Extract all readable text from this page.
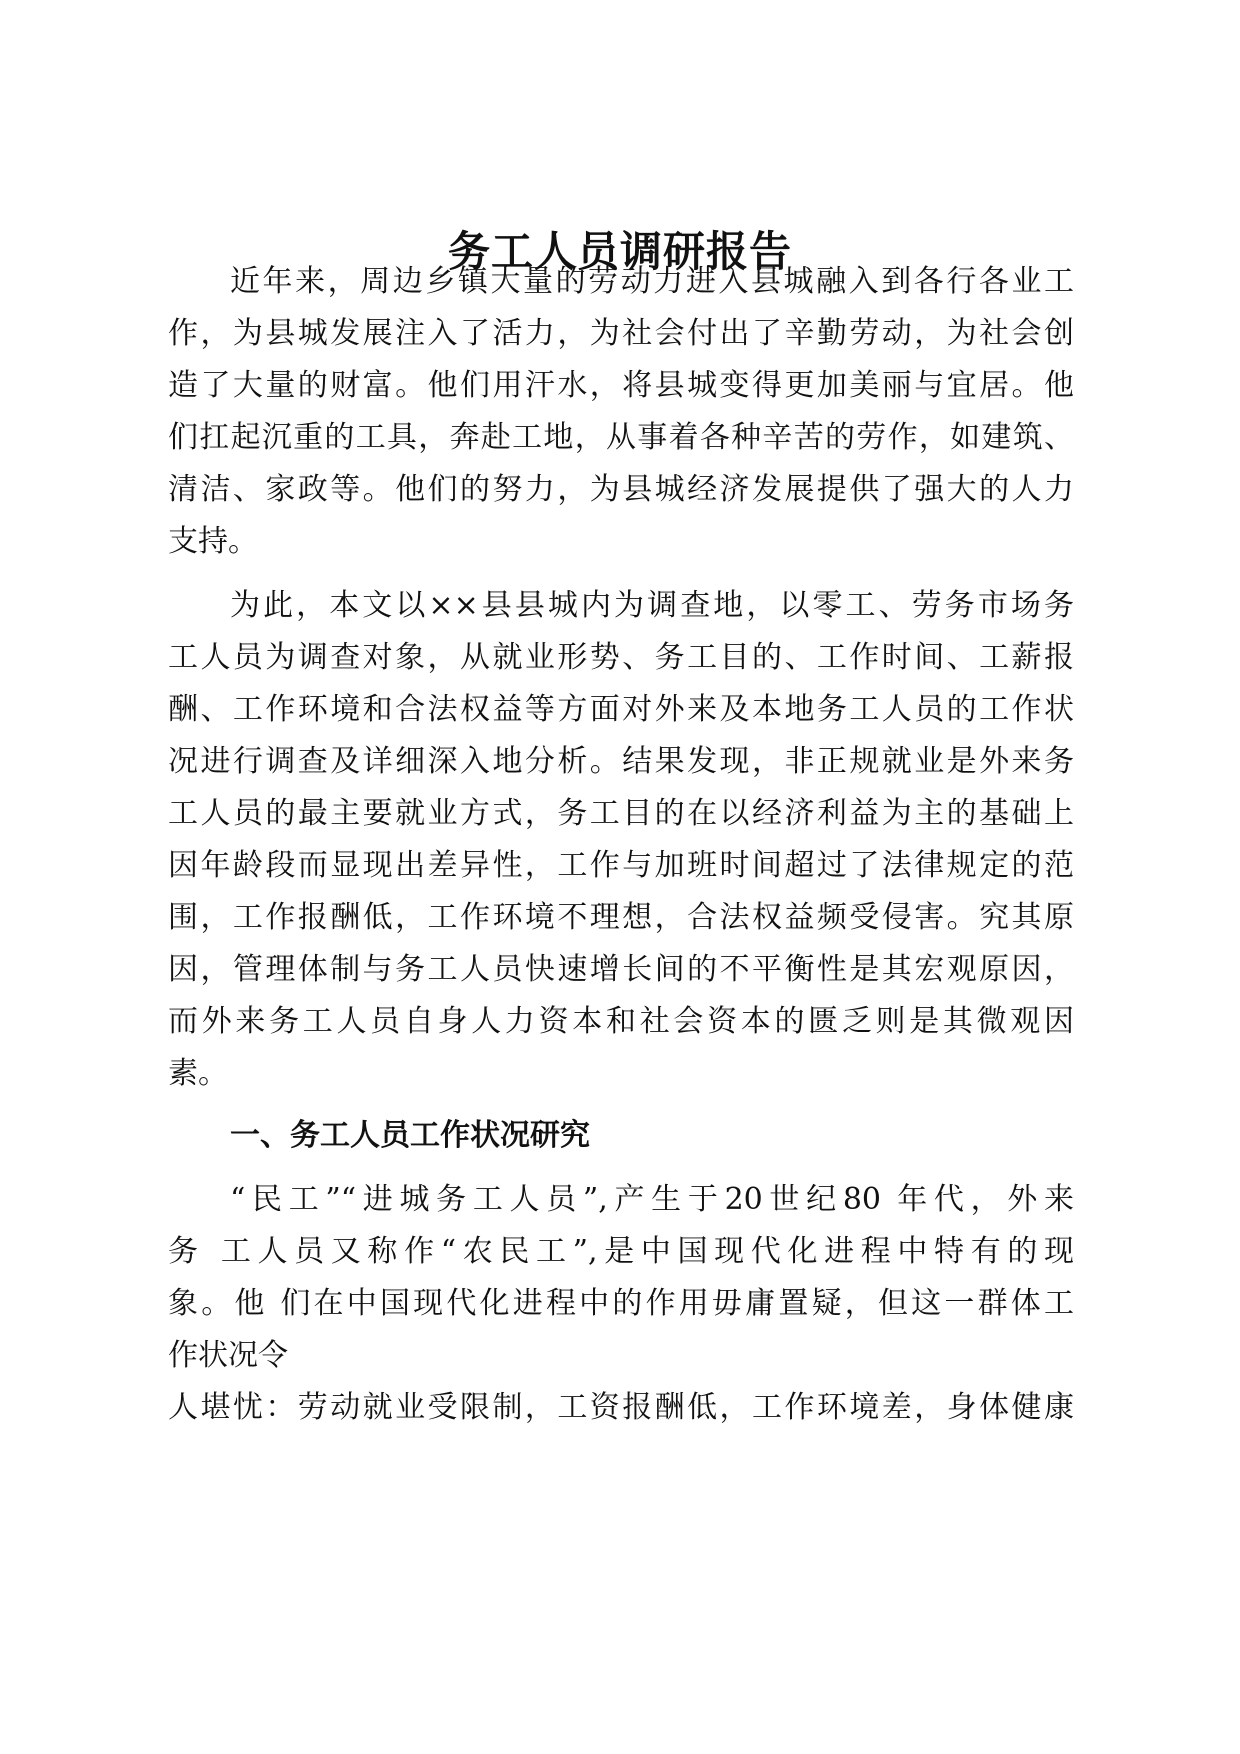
务工人员调研报告
近年来，周边乡镇大量的劳动力进入县城融入到各行各业工
作，为县城发展注入了活力，为社会付出了辛勤劳动，为社会创
造了大量的财富。他们用汗水，将县城变得更加美丽与宜居。他
们扛起沉重的工具，奔赴工地，从事着各种辛苦的劳作，如建筑、
清洁、家政等。他们的努力，为县城经济发展提供了强大的人力
支持。
为此，本文以××县县城内为调查地，以零工、劳务市场务
工人员为调查对象，从就业形势、务工目的、工作时间、工薪报
酬、工作环境和合法权益等方面对外来及本地务工人员的工作状
况进行调查及详细深入地分析。结果发现，非正规就业是外来务
工人员的最主要就业方式，务工目的在以经济利益为主的基础上
因年龄段而显现出差异性，工作与加班时间超过了法律规定的范
围，工作报酬低，工作环境不理想，合法权益频受侵害。究其原
因，管理体制与务工人员快速增长间的不平衡性是其宏观原因，
而外来务工人员自身人力资本和社会资本的匮乏则是其微观因
素。
一、务工人员工作状况研究
“民工”“进城务工人员”,产生于20世纪80 年代，外来
务 工人员又称作“农民工”,是中国现代化进程中特有的现
象。他 们在中国现代化进程中的作用毋庸置疑，但这一群体工
作状况令
人堪忧：劳动就业受限制，工资报酬低，工作环境差，身体健康
